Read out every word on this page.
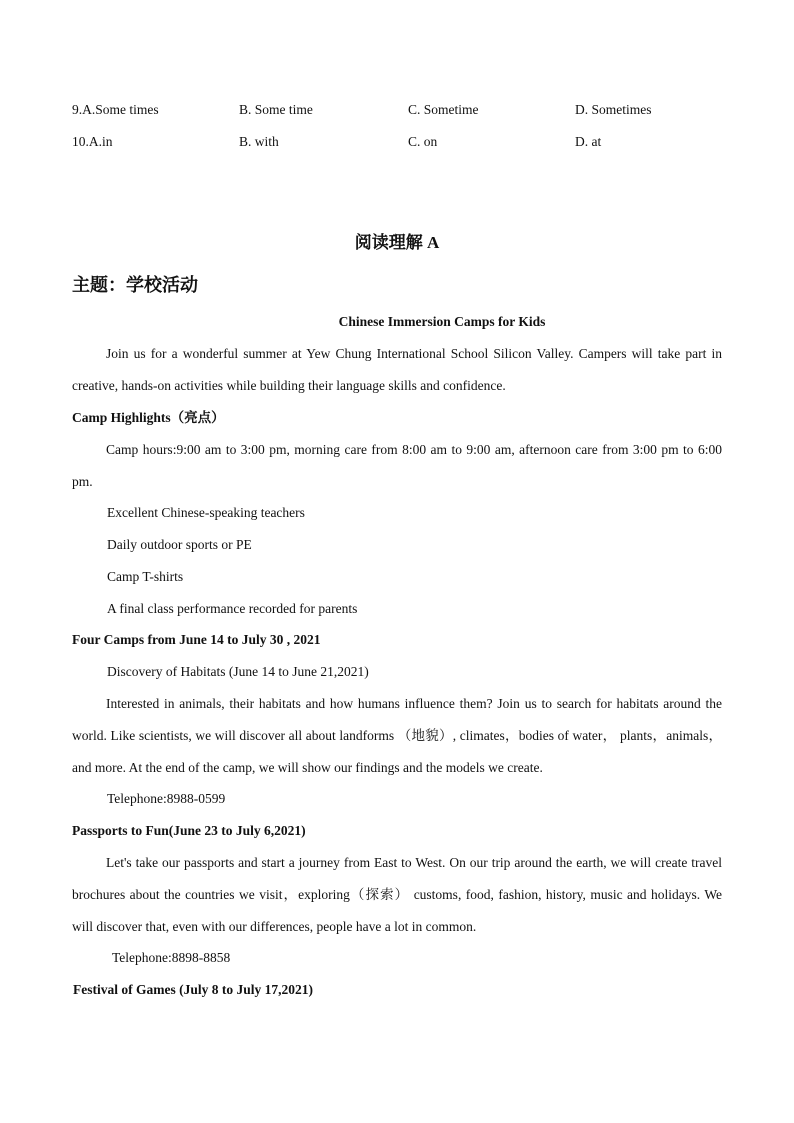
9.A.Some times	B. Some time	C. Sometime	D. Sometimes
10.A.in	B. with	C. on	D. at
阅读理解 A
主题：学校活动
Chinese Immersion Camps for Kids

Join us for a wonderful summer at Yew Chung International School Silicon Valley. Campers will take part in creative, hands-on activities while building their language skills and confidence.

Camp Highlights（亮点）

Camp hours:9:00 am to 3:00 pm, morning care from 8:00 am to 9:00 am, afternoon care from 3:00 pm to 6:00 pm.

Excellent Chinese-speaking teachers
Daily outdoor sports or PE
Camp T-shirts
A final class performance recorded for parents
Four Camps from June 14 to July 30 , 2021
Discovery of Habitats (June 14 to June 21,2021)

Interested in animals, their habitats and how humans influence them? Join us to search for habitats around the world. Like scientists, we will discover all about landforms （地貌）, climates，bodies of water， plants，animals， and more. At the end of the camp, we will show our findings and the models we create.

Telephone:8988-0599
Passports to Fun(June 23 to July 6,2021)

Let's take our passports and start a journey from East to West. On our trip around the earth, we will create travel brochures about the countries we visit，exploring（探索） customs, food, fashion, history, music and holidays. We will discover that, even with our differences, people have a lot in common.

Telephone:8898-8858
Festival of Games (July 8 to July 17,2021)
